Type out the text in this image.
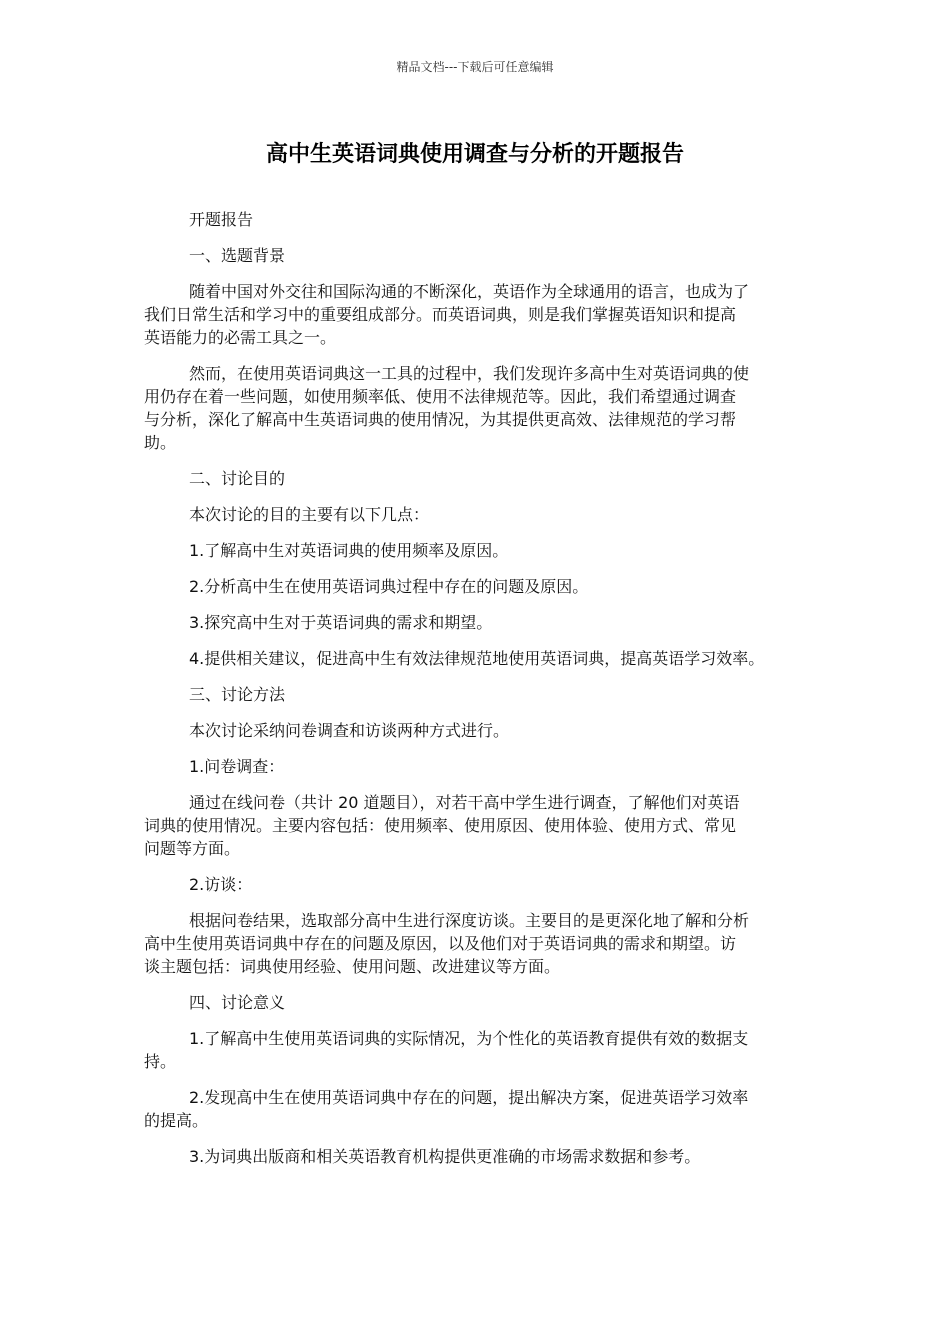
精品文档---下载后可任意编辑
高中生英语词典使用调查与分析的开题报告
开题报告
一、选题背景
随着中国对外交往和国际沟通的不断深化，英语作为全球通用的语言，也成为了
我们日常生活和学习中的重要组成部分。而英语词典，则是我们掌握英语知识和提高
英语能力的必需工具之一。
然而，在使用英语词典这一工具的过程中，我们发现许多高中生对英语词典的使
用仍存在着一些问题，如使用频率低、使用不法律规范等。因此，我们希望通过调查
与分析，深化了解高中生英语词典的使用情况，为其提供更高效、法律规范的学习帮
助。
二、讨论目的
本次讨论的目的主要有以下几点：
1.了解高中生对英语词典的使用频率及原因。
2.分析高中生在使用英语词典过程中存在的问题及原因。
3.探究高中生对于英语词典的需求和期望。
4.提供相关建议，促进高中生有效法律规范地使用英语词典，提高英语学习效率。
三、讨论方法
本次讨论采纳问卷调查和访谈两种方式进行。
1.问卷调查：
通过在线问卷（共计 20 道题目），对若干高中学生进行调查，了解他们对英语
词典的使用情况。主要内容包括：使用频率、使用原因、使用体验、使用方式、常见
问题等方面。
2.访谈：
根据问卷结果，选取部分高中生进行深度访谈。主要目的是更深化地了解和分析
高中生使用英语词典中存在的问题及原因，以及他们对于英语词典的需求和期望。访
谈主题包括：词典使用经验、使用问题、改进建议等方面。
四、讨论意义
1.了解高中生使用英语词典的实际情况，为个性化的英语教育提供有效的数据支
持。
2.发现高中生在使用英语词典中存在的问题，提出解决方案，促进英语学习效率
的提高。
3.为词典出版商和相关英语教育机构提供更准确的市场需求数据和参考。
